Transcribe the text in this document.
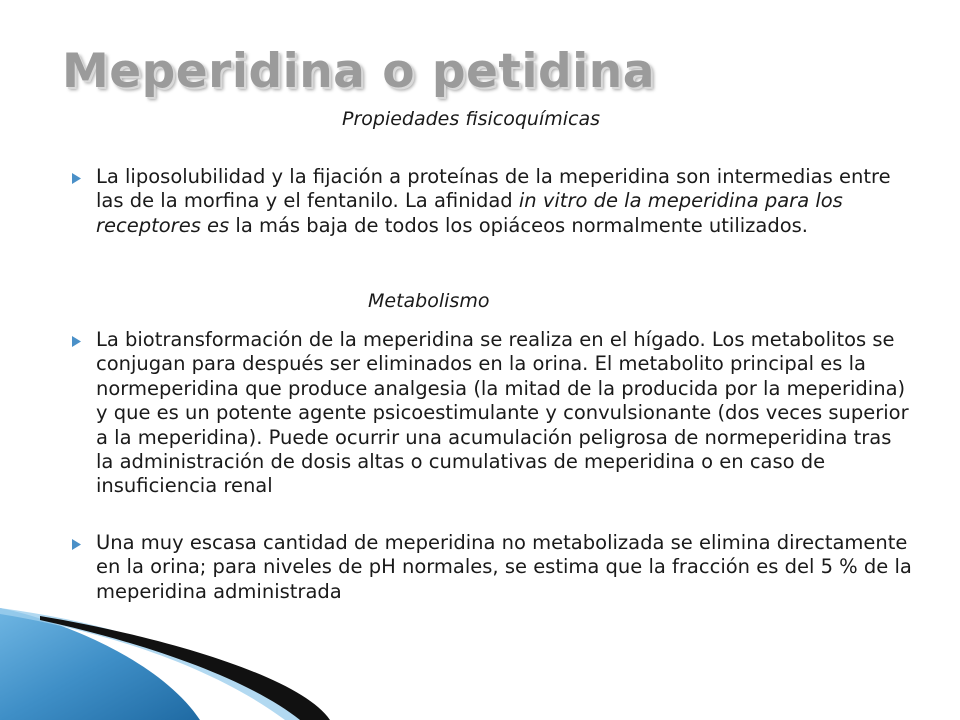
Meperidina o petidina
Propiedades fisicoquímicas
La liposolubilidad y la fijación a proteínas de la meperidina son intermedias entre las de la morfina y el fentanilo. La afinidad in vitro de la meperidina para los receptores es la más baja de todos los opiáceos normalmente utilizados.
Metabolismo
La biotransformación de la meperidina se realiza en el hígado. Los metabolitos se conjugan para después ser eliminados en la orina. El metabolito principal es la normeperidina que produce analgesia (la mitad de la producida por la meperidina) y que es un potente agente psicoestimulante y convulsionante (dos veces superior a la meperidina). Puede ocurrir una acumulación peligrosa de normeperidina tras la administración de dosis altas o cumulativas de meperidina o en caso de insuficiencia renal
Una muy escasa cantidad de meperidina no metabolizada se elimina directamente en la orina; para niveles de pH normales, se estima que la fracción es del 5 % de la meperidina administrada
